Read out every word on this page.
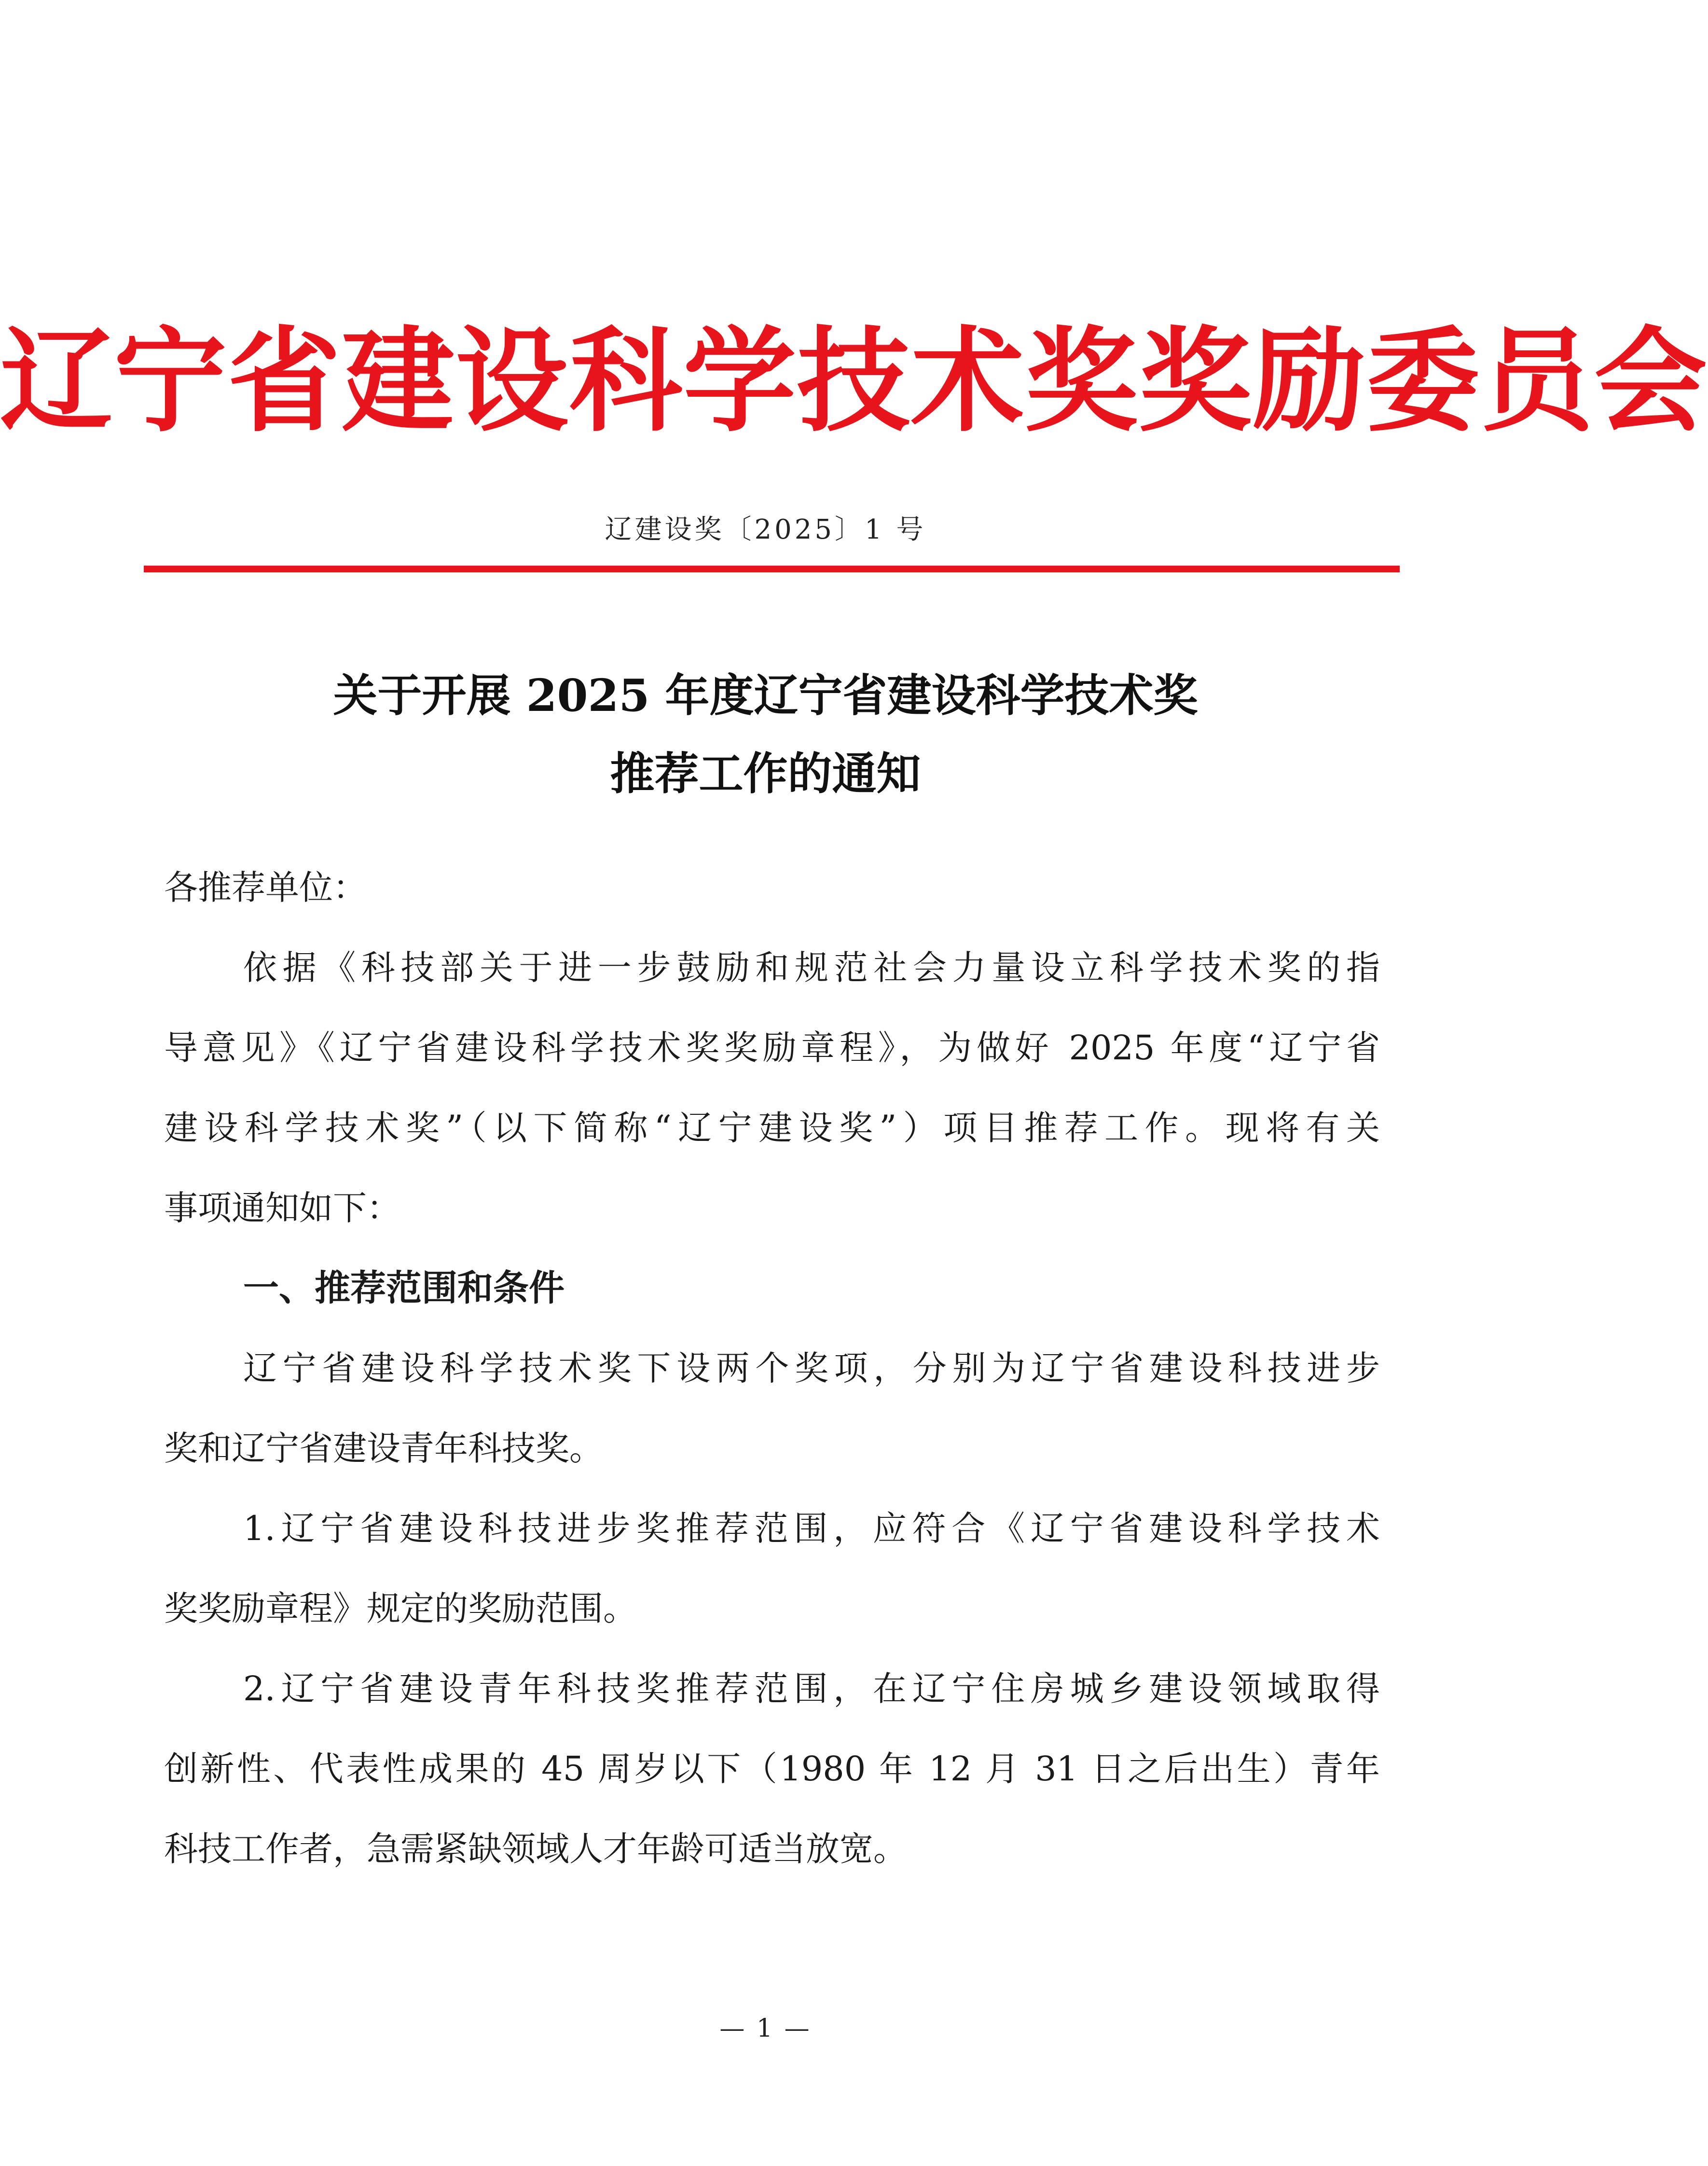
辽宁省建设科学技术奖奖励委员会
辽建设奖〔2025〕1 号
关于开展 2025 年度辽宁省建设科学技术奖
推荐工作的通知
各推荐单位：
依据《科技部关于进一步鼓励和规范社会力量设立科学技术奖的指
导意见》《辽宁省建设科学技术奖奖励章程》，为做好 2025 年度“辽宁省
建设科学技术奖”（以下简称“辽宁建设奖”）项目推荐工作。现将有关
事项通知如下：
一、推荐范围和条件
辽宁省建设科学技术奖下设两个奖项，分别为辽宁省建设科技进步
奖和辽宁省建设青年科技奖。
1.辽宁省建设科技进步奖推荐范围，应符合《辽宁省建设科学技术
奖奖励章程》规定的奖励范围。
2.辽宁省建设青年科技奖推荐范围，在辽宁住房城乡建设领域取得
创新性、代表性成果的 45 周岁以下（1980 年 12 月 31 日之后出生）青年
科技工作者，急需紧缺领域人才年龄可适当放宽。
— 1 —
